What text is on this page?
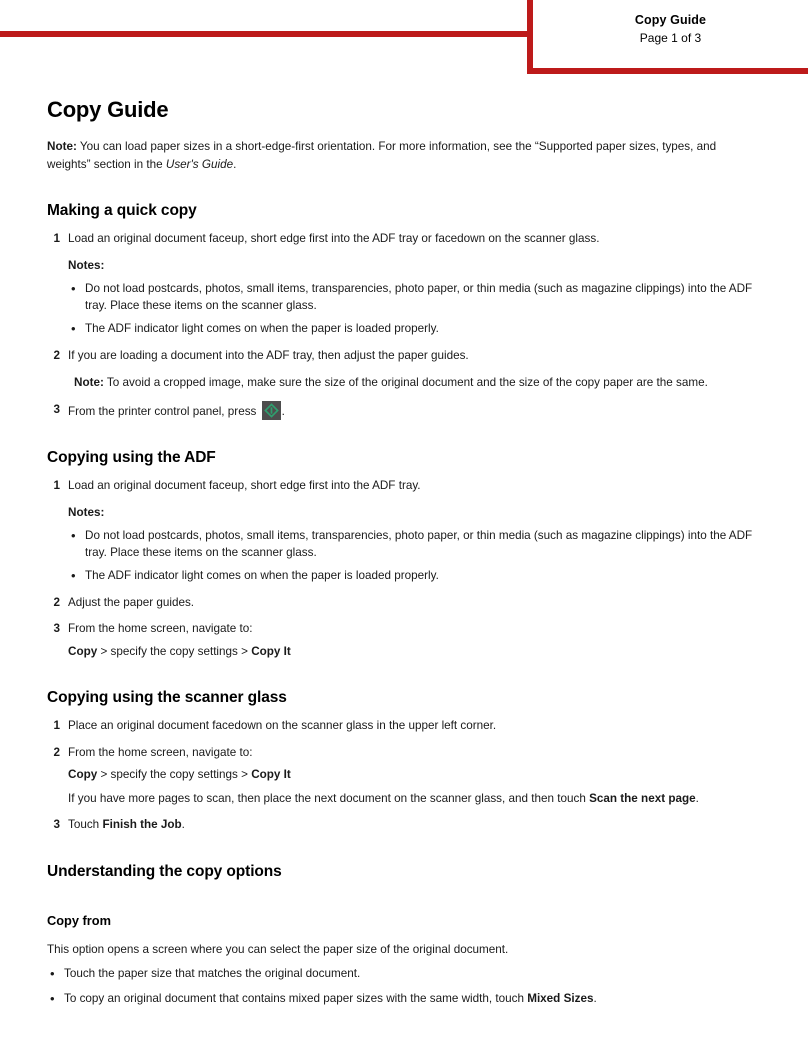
Copy Guide
Page 1 of 3
Copy Guide

Note: You can load paper sizes in a short-edge-first orientation. For more information, see the “Supported paper sizes, types, and weights” section in the User's Guide.

Making a quick copy
1 Load an original document faceup, short edge first into the ADF tray or facedown on the scanner glass.
Notes:
• Do not load postcards, photos, small items, transparencies, photo paper, or thin media (such as magazine clippings) into the ADF tray. Place these items on the scanner glass.
• The ADF indicator light comes on when the paper is loaded properly.
2 If you are loading a document into the ADF tray, then adjust the paper guides.
Note: To avoid a cropped image, make sure the size of the original document and the size of the copy paper are the same.
3 From the printer control panel, press
.
Copying using the ADF
1 Load an original document faceup, short edge first into the ADF tray.
Notes:
• Do not load postcards, photos, small items, transparencies, photo paper, or thin media (such as magazine clippings) into the ADF tray. Place these items on the scanner glass.
• The ADF indicator light comes on when the paper is loaded properly.
2 Adjust the paper guides.
3 From the home screen, navigate to:
Copy > specify the copy settings > Copy It
Copying using the scanner glass
1 Place an original document facedown on the scanner glass in the upper left corner.
2 From the home screen, navigate to:
Copy > specify the copy settings > Copy It
If you have more pages to scan, then place the next document on the scanner glass, and then touch Scan the next page.
3 Touch Finish the Job.
Understanding the copy options
Copy from

This option opens a screen where you can select the paper size of the original document.

• Touch the paper size that matches the original document.
• To copy an original document that contains mixed paper sizes with the same width, touch Mixed Sizes.
